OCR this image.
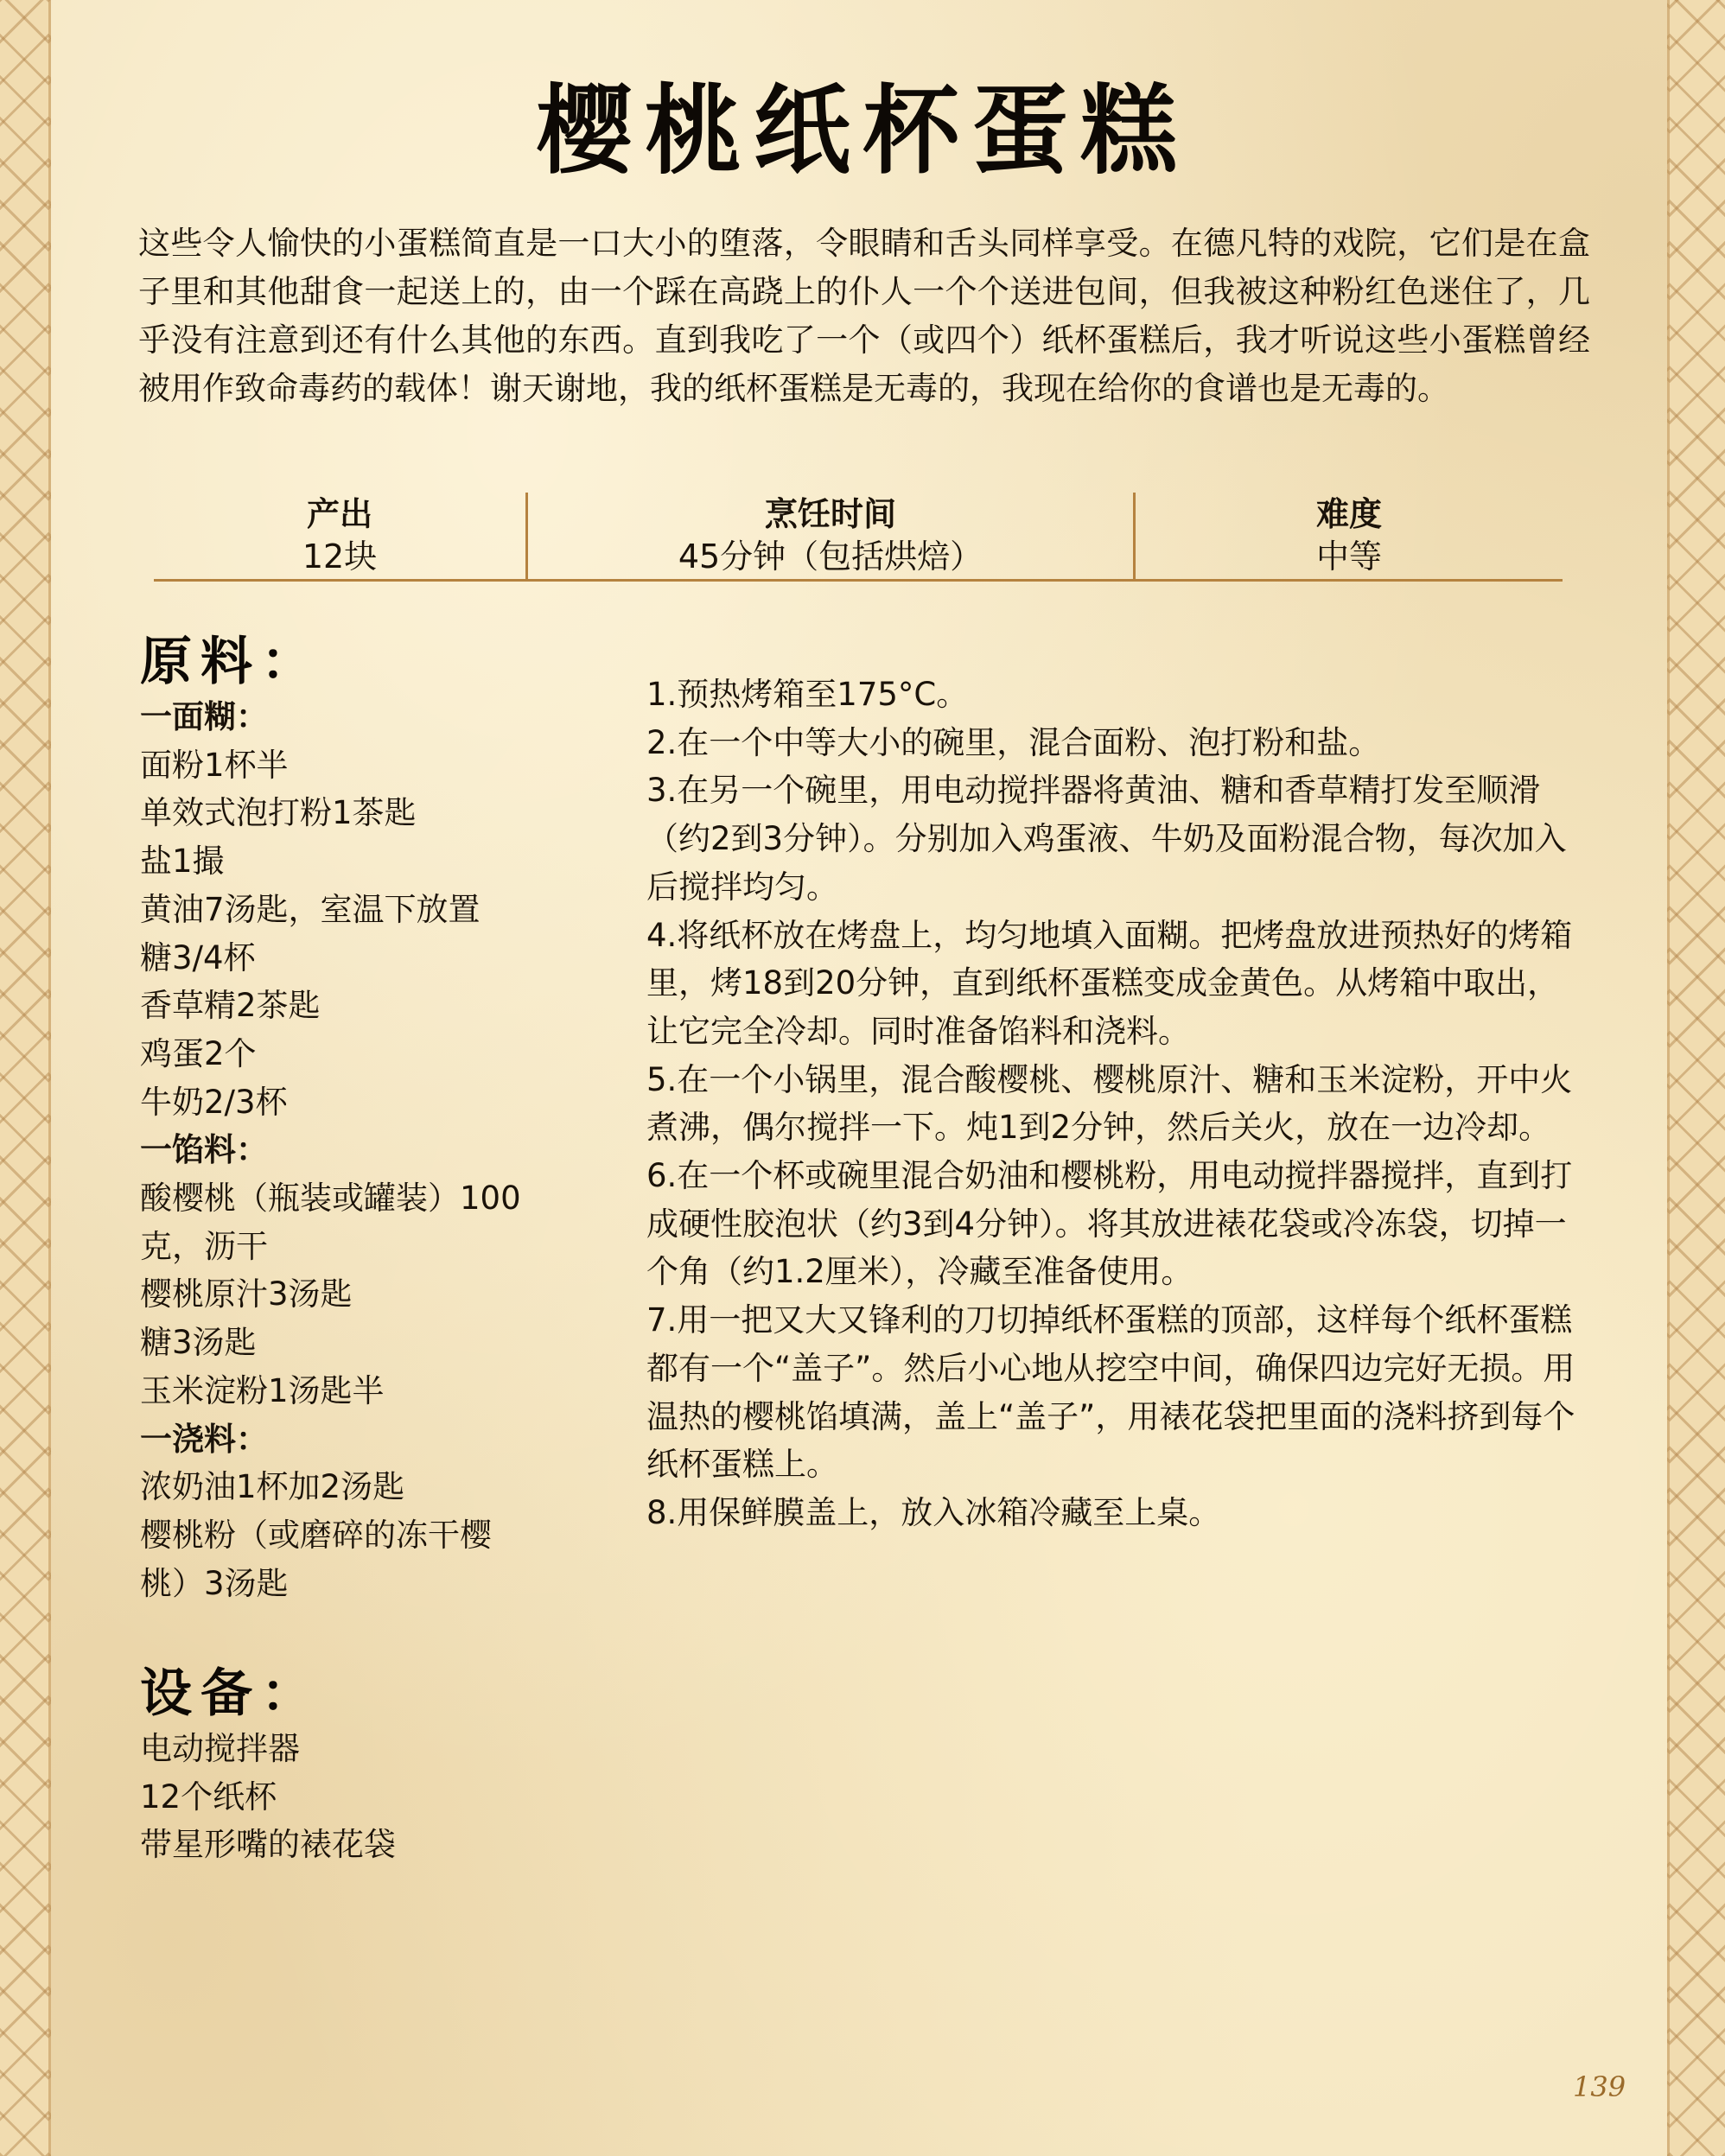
樱桃纸杯蛋糕

这些令人愉快的小蛋糕简直是一口大小的堕落，令眼睛和舌头同样享受。在德凡特的戏院，它们是在盒子里和其他甜食一起送上的，由一个踩在高跷上的仆人一个个送进包间，但我被这种粉红色迷住了，几乎没有注意到还有什么其他的东西。直到我吃了一个（或四个）纸杯蛋糕后，我才听说这些小蛋糕曾经被用作致命毒药的载体！谢天谢地，我的纸杯蛋糕是无毒的，我现在给你的食谱也是无毒的。

产出
12块
烹饪时间
45分钟（包括烘焙）
难度
中等
原料：
一面糊：
面粉1杯半
单效式泡打粉1茶匙
盐1撮
黄油7汤匙，室温下放置
糖3/4杯
香草精2茶匙
鸡蛋2个
牛奶2/3杯
一馅料：
酸樱桃（瓶装或罐装）100
克，沥干
樱桃原汁3汤匙
糖3汤匙
玉米淀粉1汤匙半
一浇料：
浓奶油1杯加2汤匙
樱桃粉（或磨碎的冻干樱
桃）3汤匙
设备：
电动搅拌器
12个纸杯
带星形嘴的裱花袋

1.预热烤箱至175°C。

2.在一个中等大小的碗里，混合面粉、泡打粉和盐。

3.在另一个碗里，用电动搅拌器将黄油、糖和香草精打发至顺滑（约2到3分钟）。分别加入鸡蛋液、牛奶及面粉混合物，每次加入后搅拌均匀。

4.将纸杯放在烤盘上，均匀地填入面糊。把烤盘放进预热好的烤箱里，烤18到20分钟，直到纸杯蛋糕变成金黄色。从烤箱中取出，让它完全冷却。同时准备馅料和浇料。

5.在一个小锅里，混合酸樱桃、樱桃原汁、糖和玉米淀粉，开中火煮沸，偶尔搅拌一下。炖1到2分钟，然后关火，放在一边冷却。

6.在一个杯或碗里混合奶油和樱桃粉，用电动搅拌器搅拌，直到打成硬性胶泡状（约3到4分钟）。将其放进裱花袋或冷冻袋，切掉一个角（约1.2厘米），冷藏至准备使用。

7.用一把又大又锋利的刀切掉纸杯蛋糕的顶部，这样每个纸杯蛋糕都有一个“盖子”。然后小心地从挖空中间，确保四边完好无损。用温热的樱桃馅填满，盖上“盖子”，用裱花袋把里面的浇料挤到每个纸杯蛋糕上。

8.用保鲜膜盖上，放入冰箱冷藏至上桌。

139
